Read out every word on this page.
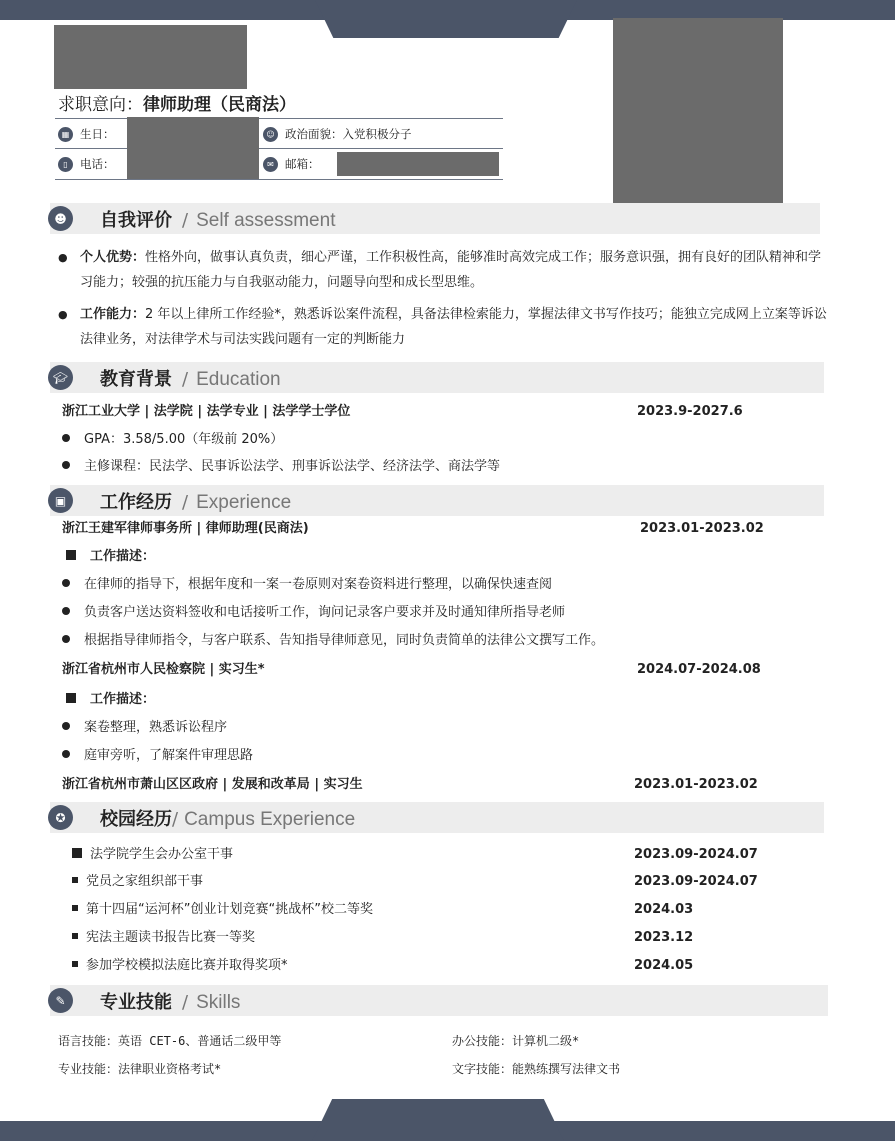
求职意向：律师助理（民商法）
▦ 生日：	☺ 政治面貌： 入党积极分子
▯	电话：	✉ 邮箱：
☻	自我评价 / Self assessment
● 个人优势：性格外向，做事认真负责，细心严谨，工作积极性高，能够准时高效完成工作；服务意识强，拥有良好的团队精神和学习能力；较强的抗压能力与自我驱动能力，问题导向型和成长型思维。
● 工作能力：2 年以上律所工作经验*，熟悉诉讼案件流程，具备法律检索能力，掌握法律文书写作技巧；能独立完成网上立案等诉讼法律业务，对法律学术与司法实践问题有一定的判断能力
🎓︎ 教育背景 / Education
浙江工业大学 | 法学院 | 法学专业 | 法学学士学位	2023.9-2027.6
GPA：3.58/5.00（年级前 20%）
主修课程：民法学、民事诉讼法学、刑事诉讼法学、经济法学、商法学等
▣	工作经历 / Experience
浙江王建军律师事务所 | 律师助理(民商法)	2023.01-2023.02
工作描述：
在律师的指导下，根据年度和一案一卷原则对案卷资料进行整理，以确保快速查阅
负责客户送达资料签收和电话接听工作，询问记录客户要求并及时通知律所指导老师
根据指导律师指令，与客户联系、告知指导律师意见，同时负责简单的法律公文撰写工作。
浙江省杭州市人民检察院 | 实习生*	2024.07-2024.08
工作描述：
案卷整理，熟悉诉讼程序
庭审旁听，了解案件审理思路
浙江省杭州市萧山区区政府 | 发展和改革局 | 实习生	2023.01-2023.02
✪	校园经历/ Campus Experience
法学院学生会办公室干事	2023.09-2024.07
党员之家组织部干事	2023.09-2024.07
第十四届“运河杯”创业计划竞赛“挑战杯”校二等奖	2024.03
宪法主题读书报告比赛一等奖	2023.12
参加学校模拟法庭比赛并取得奖项*	2024.05
✎	专业技能 / Skills
语言技能：英语 CET-6、普通话二级甲等	办公技能：计算机二级*
专业技能：法律职业资格考试*	文字技能：能熟练撰写法律文书
